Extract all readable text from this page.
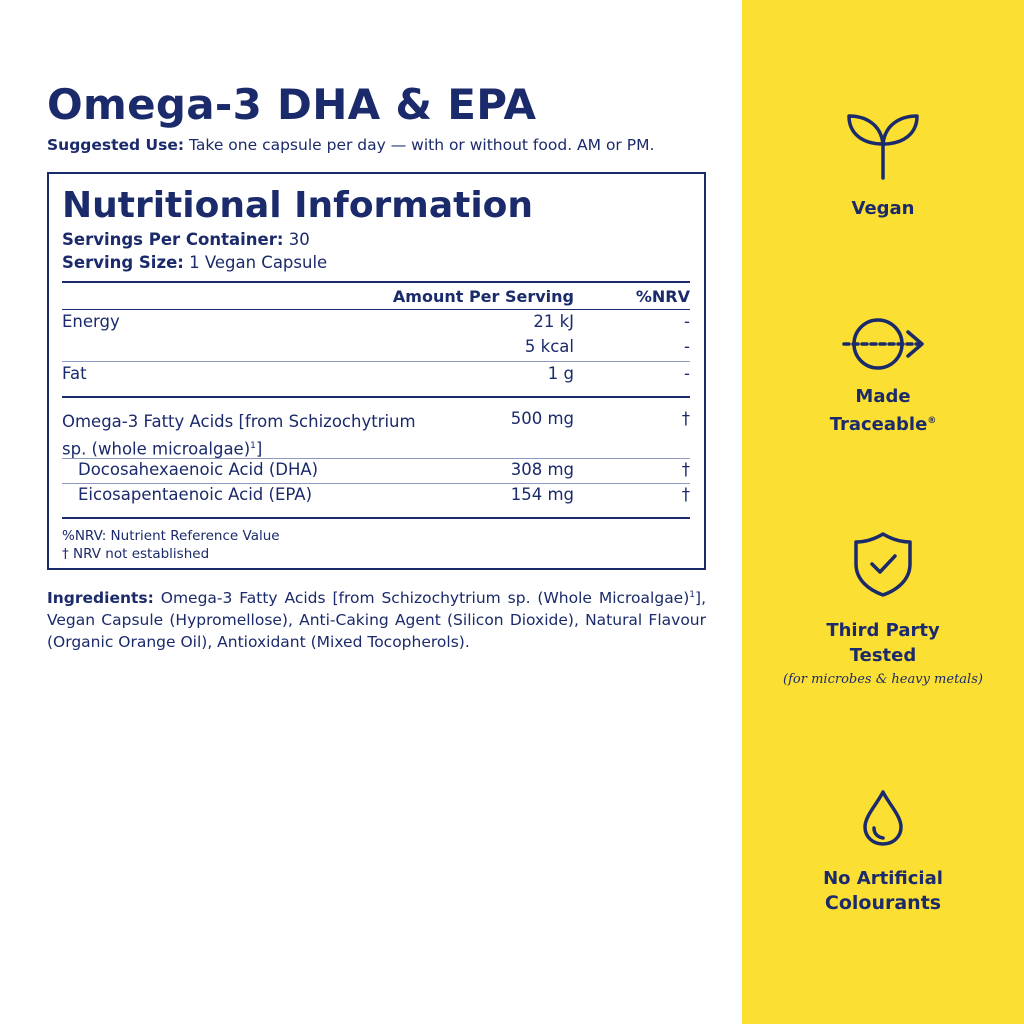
Omega-3 DHA & EPA

Suggested Use: Take one capsule per day — with or without food. AM or PM.

Nutritional Information
Servings Per Container: 30
Serving Size: 1 Vegan Capsule
Amount Per Serving	%NRV
Energy	21 kJ	-
5 kcal	-
Fat	1 g	-
Omega-3 Fatty Acids [from Schizochytrium
sp. (whole microalgae)$^1$]
500 mg	†
Docosahexaenoic Acid (DHA)	308 mg	†
Eicosapentaenoic Acid (EPA)	154 mg	†
%NRV: Nutrient Reference Value
† NRV not established

Ingredients: Omega-3 Fatty Acids [from Schizochytrium sp. (Whole Microalgae)$^1$], Vegan Capsule (Hypromellose), Anti-Caking Agent (Silicon Dioxide), Natural Flavour (Organic Orange Oil), Antioxidant (Mixed Tocopherols).

Vegan
Made
Traceable®
Third Party
Tested
(for microbes & heavy metals)
No Artificial
Colourants
